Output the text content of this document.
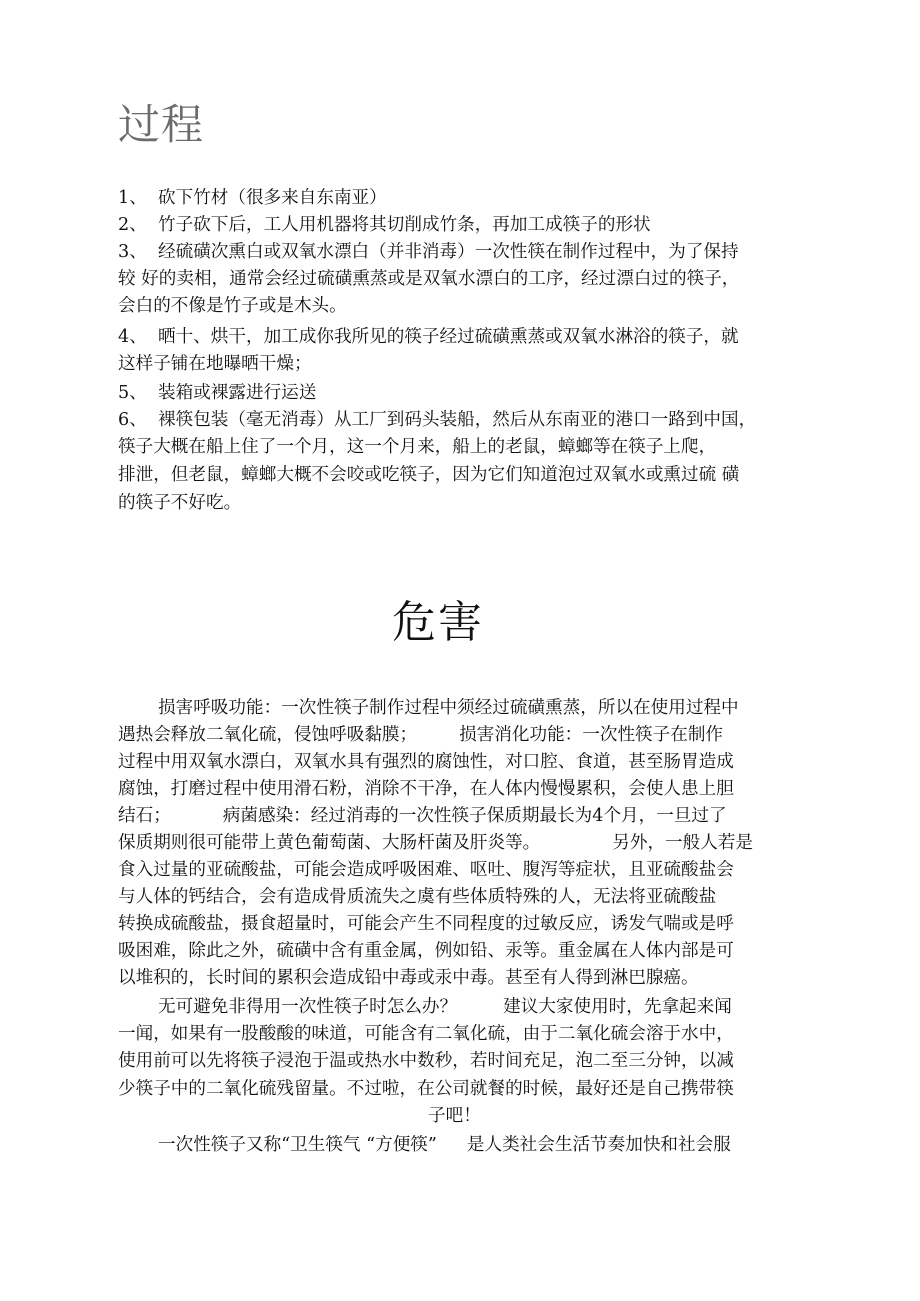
过程
1、 砍下竹材（很多来自东南亚）
2、 竹子砍下后，工人用机器将其切削成竹条，再加工成筷子的形状
3、 经硫磺次熏白或双氧水漂白（并非消毒）一次性筷在制作过程中，为了保持
较 好的卖相，通常会经过硫磺熏蒸或是双氧水漂白的工序，经过漂白过的筷子，
会白的不像是竹子或是木头。
4、 晒十、烘干，加工成你我所见的筷子经过硫磺熏蒸或双氧水淋浴的筷子，就
这样子铺在地曝晒干燥；
5、 装箱或裸露进行运送
6、 裸筷包装（毫无消毒）从工厂到码头装船，然后从东南亚的港口一路到中国，
筷子大概在船上住了一个月，这一个月来，船上的老鼠，蟑螂等在筷子上爬，
排泄，但老鼠，蟑螂大概不会咬或吃筷子，因为它们知道泡过双氧水或熏过硫 磺
的筷子不好吃。
危害
损害呼吸功能：一次性筷子制作过程中须经过硫磺熏蒸，所以在使用过程中
遇热会释放二氧化硫，侵蚀呼吸黏膜； 损害消化功能：一次性筷子在制作
过程中用双氧水漂白，双氧水具有强烈的腐蚀性，对口腔、食道，甚至肠胃造成
腐蚀，打磨过程中使用滑石粉，消除不干净，在人体内慢慢累积，会使人患上胆
结石；	病菌感染：经过消毒的一次性筷子保质期最长为4个月，一旦过了
保质期则很可能带上黄色葡萄菌、大肠杆菌及肝炎等。	另外，一般人若是
食入过量的亚硫酸盐，可能会造成呼吸困难、呕吐、腹泻等症状，且亚硫酸盐会
与人体的钙结合，会有造成骨质流失之虞有些体质特殊的人，无法将亚硫酸盐
转换成硫酸盐，摄食超量时，可能会产生不同程度的过敏反应，诱发气喘或是呼
吸困难，除此之外，硫磺中含有重金属，例如铅、汞等。重金属在人体内部是可
以堆积的，长时间的累积会造成铅中毒或汞中毒。甚至有人得到淋巴腺癌。
无可避免非得用一次性筷子时怎么办？	建议大家使用时，先拿起来闻
一闻，如果有一股酸酸的味道，可能含有二氧化硫，由于二氧化硫会溶于水中，
使用前可以先将筷子浸泡于温或热水中数秒，若时间充足，泡二至三分钟，以减
少筷子中的二氧化硫残留量。不过啦，在公司就餐的时候，最好还是自己携带筷
子吧！
一次性筷子又称“卫生筷气 “方便筷” 是人类社会生活节奏加快和社会服
